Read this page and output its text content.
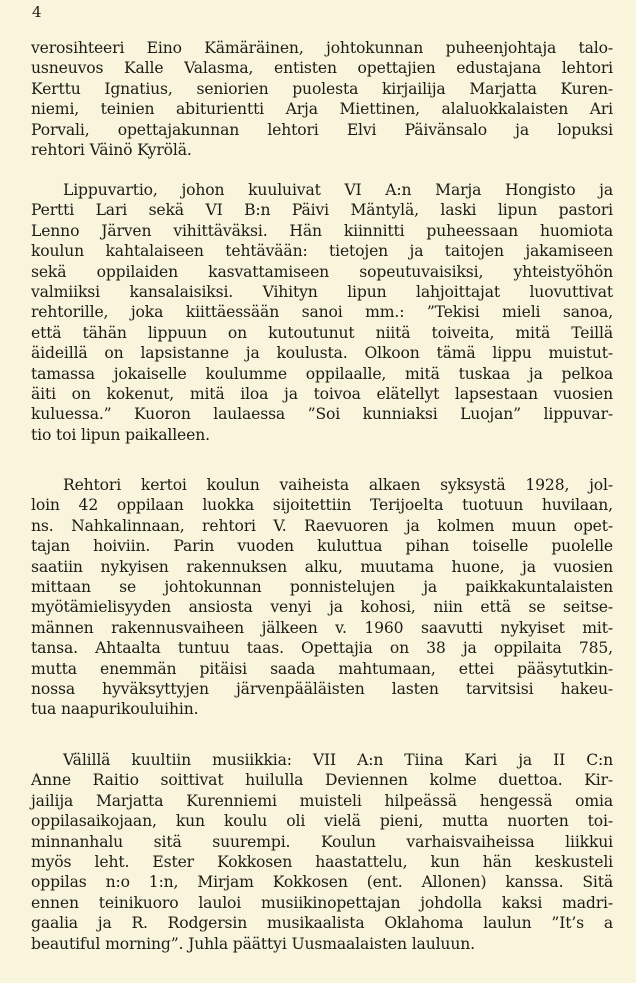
4
verosihteeri Eino Kämäräinen, johtokunnan puheenjohtaja talo-
usneuvos Kalle Valasma, entisten opettajien edustajana lehtori
Kerttu Ignatius, seniorien puolesta kirjailija Marjatta Kuren-
niemi, teinien abiturientti Arja Miettinen, alaluokkalaisten Ari
Porvali, opettajakunnan lehtori Elvi Päivänsalo ja lopuksi
rehtori Väinö Kyrölä.
Lippuvartio, johon kuuluivat VI A:n Marja Hongisto ja
Pertti Lari sekä VI B:n Päivi Mäntylä, laski lipun pastori
Lenno Järven vihittäväksi. Hän kiinnitti puheessaan huomiota
koulun kahtalaiseen tehtävään: tietojen ja taitojen jakamiseen
sekä oppilaiden kasvattamiseen sopeutuvaisiksi, yhteistyöhön
valmiiksi kansalaisiksi. Vihityn lipun lahjoittajat luovuttivat
rehtorille, joka kiittäessään sanoi mm.: ”Tekisi mieli sanoa,
että tähän lippuun on kutoutunut niitä toiveita, mitä Teillä
äideillä on lapsistanne ja koulusta. Olkoon tämä lippu muistut-
tamassa jokaiselle koulumme oppilaalle, mitä tuskaa ja pelkoa
äiti on kokenut, mitä iloa ja toivoa elätellyt lapsestaan vuosien
kuluessa.” Kuoron laulaessa ”Soi kunniaksi Luojan” lippuvar-
tio toi lipun paikalleen.
Rehtori kertoi koulun vaiheista alkaen syksystä 1928, jol-
loin 42 oppilaan luokka sijoitettiin Terijoelta tuotuun huvilaan,
ns. Nahkalinnaan, rehtori V. Raevuoren ja kolmen muun opet-
tajan hoiviin. Parin vuoden kuluttua pihan toiselle puolelle
saatiin nykyisen rakennuksen alku, muutama huone, ja vuosien
mittaan se johtokunnan ponnistelujen ja paikkakuntalaisten
myötämielisyyden ansiosta venyi ja kohosi, niin että se seitse-
männen rakennusvaiheen jälkeen v. 1960 saavutti nykyiset mit-
tansa. Ahtaalta tuntuu taas. Opettajia on 38 ja oppilaita 785,
mutta enemmän pitäisi saada mahtumaan, ettei pääsytutkin-
nossa hyväksyttyjen järvenpääläisten lasten tarvitsisi hakeu-
tua naapurikouluihin.
Välillä kuultiin musiikkia: VII A:n Tiina Kari ja II C:n
Anne Raitio soittivat huilulla Deviennen kolme duettoa. Kir-
jailija Marjatta Kurenniemi muisteli hilpeässä hengessä omia
oppilasaikojaan, kun koulu oli vielä pieni, mutta nuorten toi-
minnanhalu sitä suurempi. Koulun varhaisvaiheissa liikkui
myös leht. Ester Kokkosen haastattelu, kun hän keskusteli
oppilas n:o 1:n, Mirjam Kokkosen (ent. Allonen) kanssa. Sitä
ennen teinikuoro lauloi musiikinopettajan johdolla kaksi madri-
gaalia ja R. Rodgersin musikaalista Oklahoma laulun ”It’s a
beautiful morning”. Juhla päättyi Uusmaalaisten lauluun.
